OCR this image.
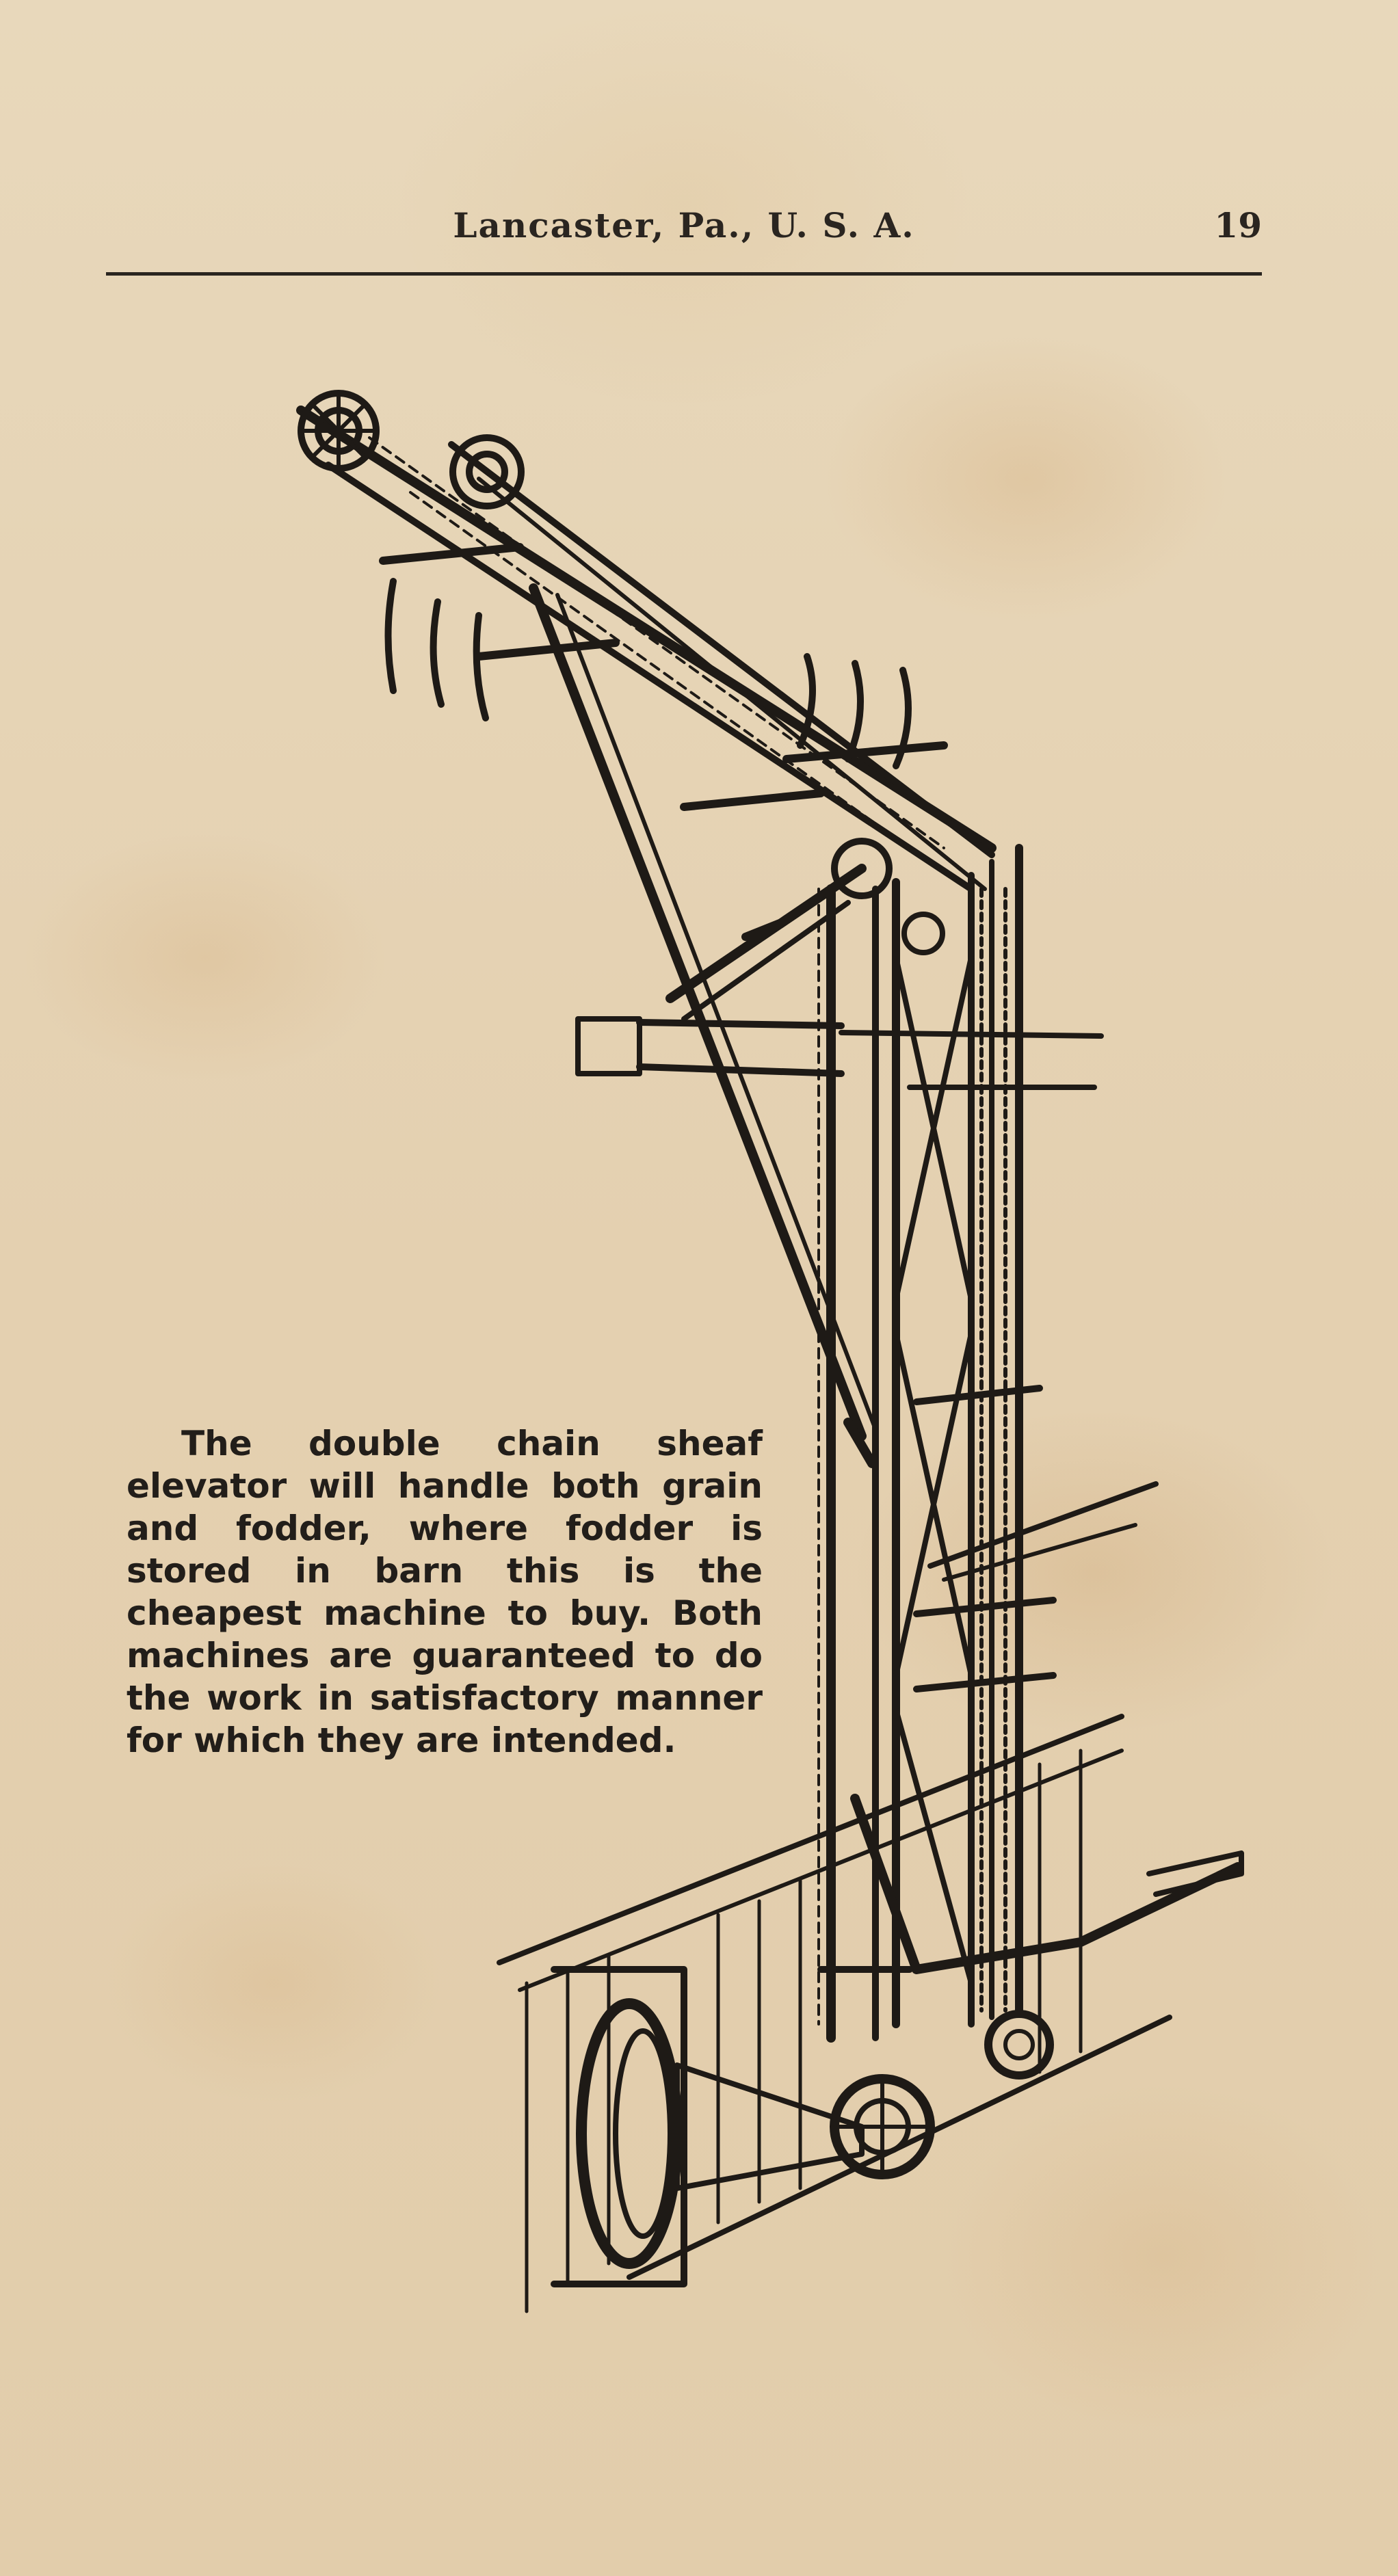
Lancaster, Pa., U. S. A.	19

The double chain sheaf elevator will handle both grain and fodder, where fodder is stored in barn this is the cheapest machine to buy. Both machines are guaranteed to do the work in satisfactory manner for which they are intended.
